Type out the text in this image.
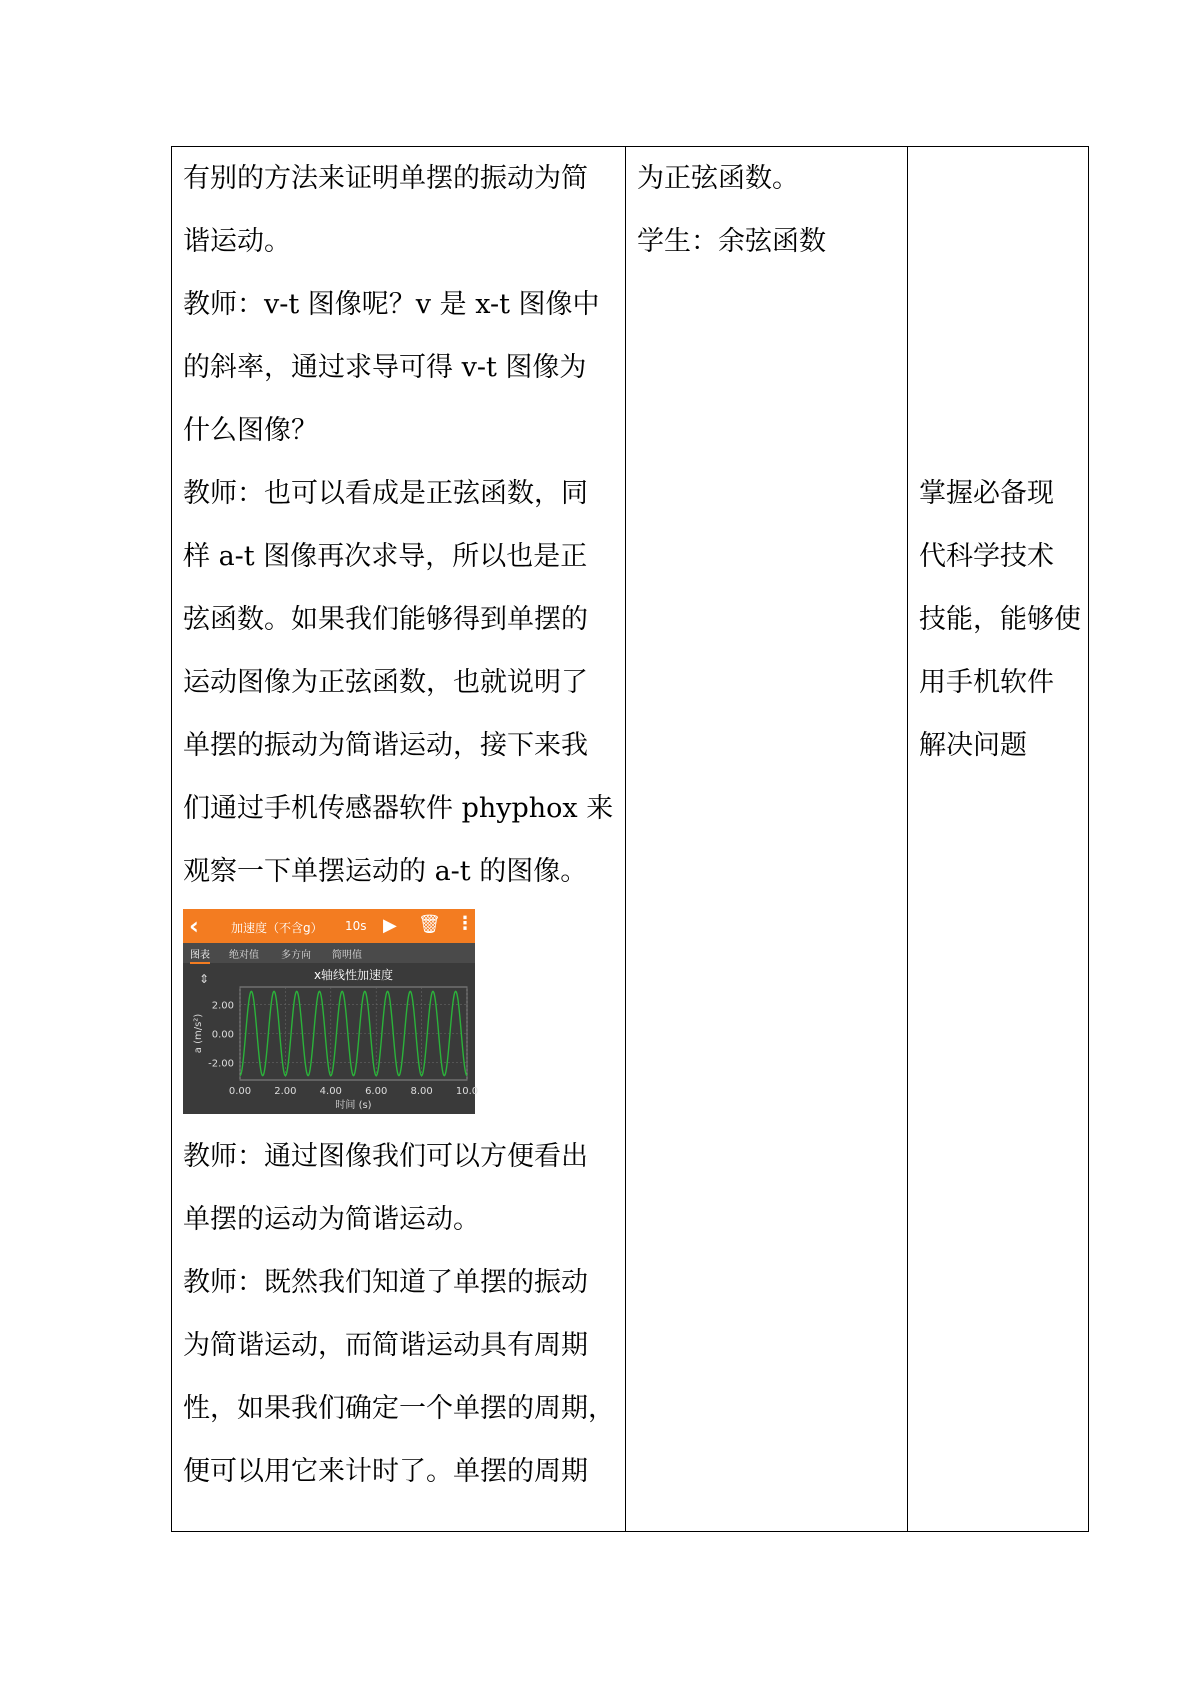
有别的方法来证明单摆的振动为简
谐运动。
教师：v-t 图像呢？v 是 x-t 图像中
的斜率，通过求导可得 v-t 图像为
什么图像？
教师：也可以看成是正弦函数，同
样 a-t 图像再次求导，所以也是正
弦函数。如果我们能够得到单摆的
运动图像为正弦函数，也就说明了
单摆的振动为简谐运动，接下来我
们通过手机传感器软件 phyphox 来
观察一下单摆运动的 a-t 的图像。
‹	加速度（不含g） 10s ▶ 🗑 ⋮
图表 绝对值 多方向 简明值
⇕	x轴线性加速度
0.00 2.00 4.00 6.00 8.00 10.0
2.00
0.00
-2.00
时间 (s)
a (m/s²)
教师：通过图像我们可以方便看出
单摆的运动为简谐运动。
教师：既然我们知道了单摆的振动
为简谐运动，而简谐运动具有周期
性，如果我们确定一个单摆的周期，
便可以用它来计时了。单摆的周期
为正弦函数。
学生：余弦函数
掌握必备现
代科学技术
技能，能够使
用手机软件
解决问题
